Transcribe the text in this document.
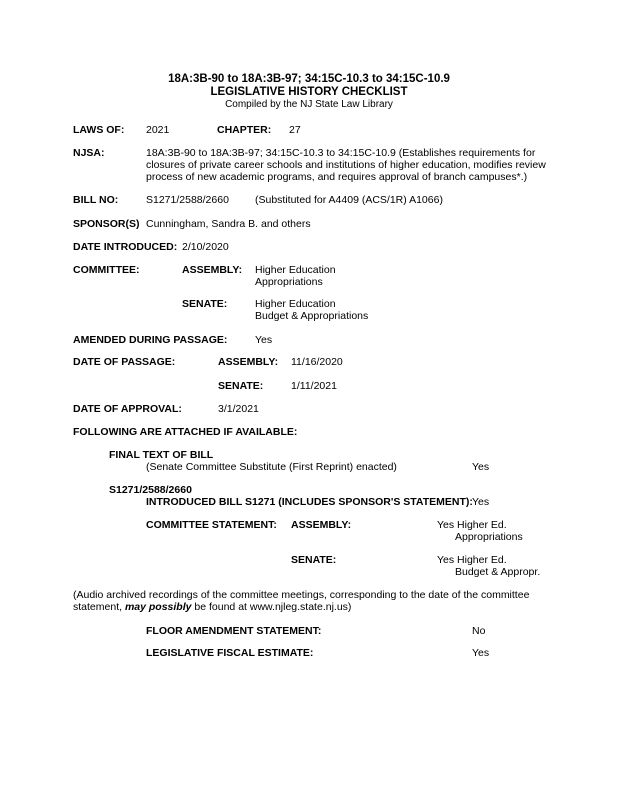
18A:3B-90 to 18A:3B-97; 34:15C-10.3 to 34:15C-10.9
LEGISLATIVE HISTORY CHECKLIST
Compiled by the NJ State Law Library
LAWS OF: 2021	CHAPTER: 27
NJSA:	18A:3B-90 to 18A:3B-97; 34:15C-10.3 to 34:15C-10.9 (Establishes requirements for
closures of private career schools and institutions of higher education, modifies review
process of new academic programs, and requires approval of branch campuses*.)
BILL NO:	S1271/2588/2660 (Substituted for A4409 (ACS/1R) A1066)
SPONSOR(S) Cunningham, Sandra B. and others
DATE INTRODUCED: 2/10/2020
COMMITTEE:	ASSEMBLY: Higher Education
Appropriations
SENATE:	Higher Education
Budget & Appropriations
AMENDED DURING PASSAGE:	Yes
DATE OF PASSAGE:	ASSEMBLY: 11/16/2020
SENATE:	1/11/2021
DATE OF APPROVAL:	3/1/2021
FOLLOWING ARE ATTACHED IF AVAILABLE:
FINAL TEXT OF BILL
(Senate Committee Substitute (First Reprint) enacted)	Yes
S1271/2588/2660
INTRODUCED BILL S1271 (INCLUDES SPONSOR'S STATEMENT): Yes
COMMITTEE STATEMENT: ASSEMBLY:	Yes Higher Ed.
Appropriations
SENATE:	Yes Higher Ed.
Budget & Appropr.
(Audio archived recordings of the committee meetings, corresponding to the date of the committee
statement, may possibly be found at www.njleg.state.nj.us)
FLOOR AMENDMENT STATEMENT:	No
LEGISLATIVE FISCAL ESTIMATE:	Yes
